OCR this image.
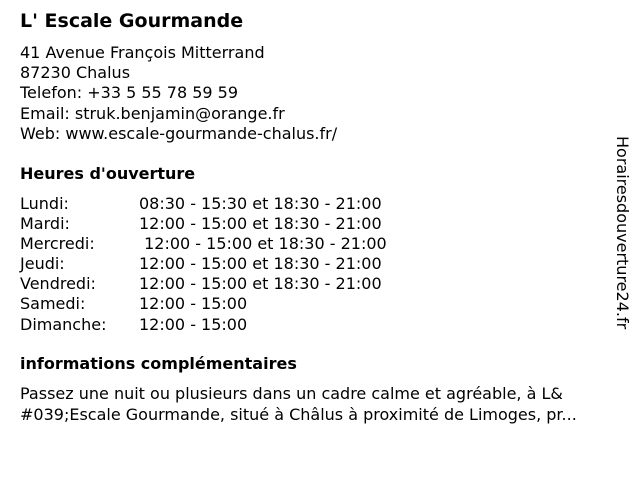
L' Escale Gourmande
41 Avenue François Mitterrand
87230 Chalus
Telefon: +33 5 55 78 59 59
Email: struk.benjamin@orange.fr
Web: www.escale-gourmande-chalus.fr/
Heures d'ouverture
Lundi:	08:30 - 15:30 et 18:30 - 21:00
Mardi:	12:00 - 15:00 et 18:30 - 21:00
Mercredi:	12:00 - 15:00 et 18:30 - 21:00
Jeudi:	12:00 - 15:00 et 18:30 - 21:00
Vendredi:	12:00 - 15:00 et 18:30 - 21:00
Samedi:	12:00 - 15:00
Dimanche:	12:00 - 15:00
informations complémentaires
Passez une nuit ou plusieurs dans un cadre calme et agréable, à L&
#039;Escale Gourmande, situé à Châlus à proximité de Limoges, pr...
Horairesdouverture24.fr
